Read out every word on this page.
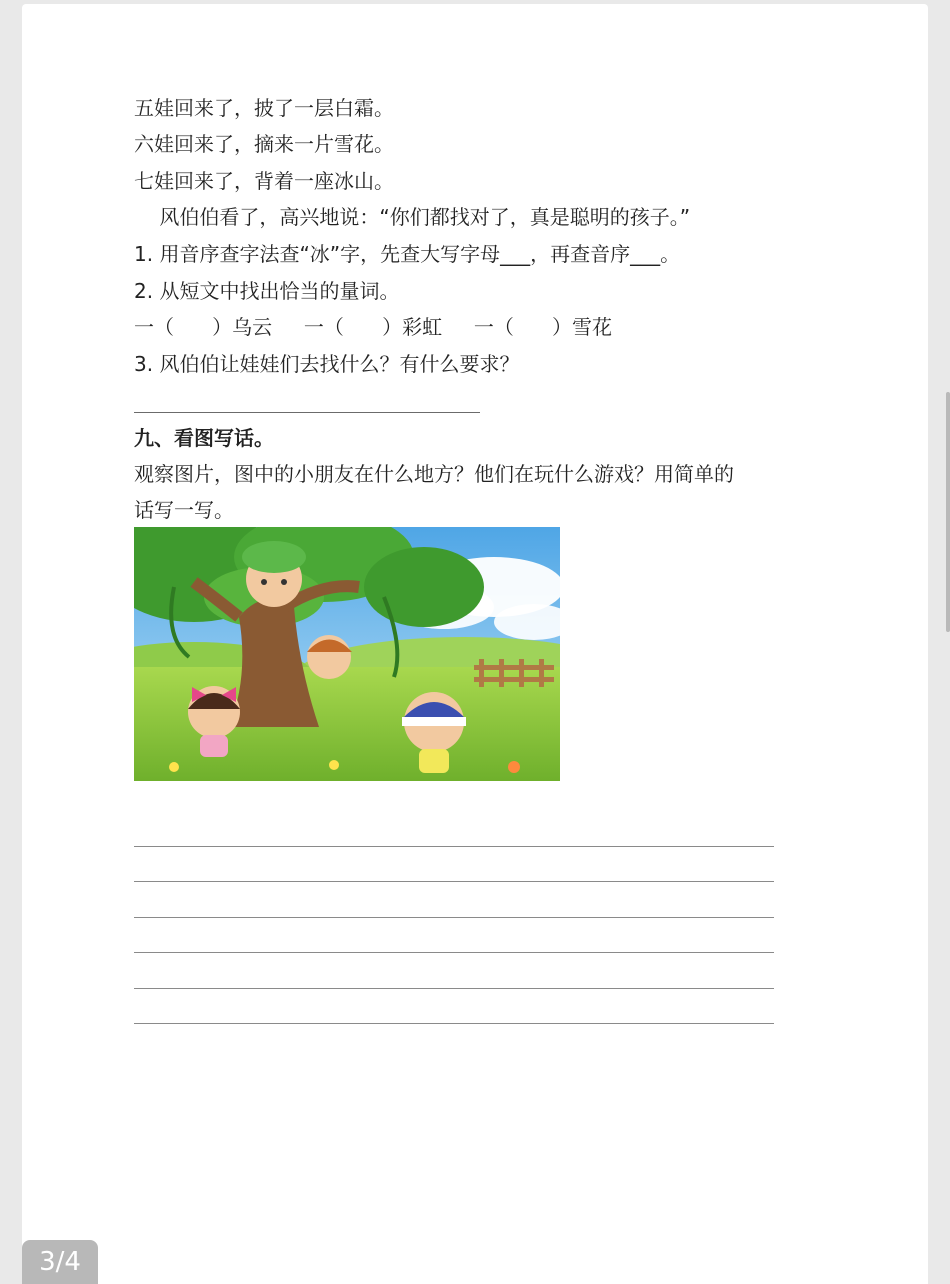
五娃回来了，披了一层白霜。
六娃回来了，摘来一片雪花。
七娃回来了，背着一座冰山。
风伯伯看了，高兴地说：“你们都找对了，真是聪明的孩子。”
1. 用音序查字法查“冰”字，先查大写字母___，再查音序___。
2. 从短文中找出恰当的量词。
一（      ）乌云     一（      ）彩虹     一（      ）雪花
3. 风伯伯让娃娃们去找什么？有什么要求？
九、看图写话。
观察图片，图中的小朋友在什么地方？他们在玩什么游戏？用简单的
话写一写。
3/4
